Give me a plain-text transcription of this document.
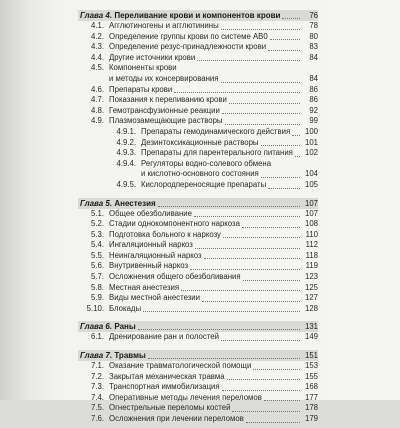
Глава 4. Переливание крови и компонентов крови	76
4.1. Агглютиногены и агглютинины	78
4.2. Определение группы крови по системе AB0	80
4.3. Определение резус-принадлежности крови	83
4.4. Другие источники крови	84
4.5. Компоненты крови
и методы их консервирования	84
4.6. Препараты крови	86
4.7. Показания к переливанию крови	86
4.8. Гемотрансфузионные реакции	92
4.9. Плазмозамещающие растворы	99
4.9.1. Препараты гемодинамического действия	100
4.9.2. Дезинтоксикационные растворы	101
4.9.3. Препараты для парентерального питания	102
4.9.4. Регуляторы водно-солевого обмена
и кислотно-основного состояния	104
4.9.5. Кислородпереносящие препараты	105
Глава 5. Анестезия	107
5.1. Общее обезболивание	107
5.2. Стадии однокомпонентного наркоза	108
5.3. Подготовка больного к наркозу	110
5.4. Ингаляционный наркоз	112
5.5. Неингаляционный наркоз	118
5.6. Внутривенный наркоз	119
5.7. Осложнения общего обезболивания	123
5.8. Местная анестезия	125
5.9. Виды местной анестезии	127
5.10. Блокады	128
Глава 6. Раны	131
6.1. Дренирование ран и полостей	149
Глава 7. Травмы	151
7.1. Оказание травматологической помощи	153
7.2. Закрытая механическая травма	155
7.3. Транспортная иммобилизация	168
7.4. Оперативные методы лечения переломов	177
7.5. Огнестрельные переломы костей	178
7.6. Осложнения при лечении переломов	179
